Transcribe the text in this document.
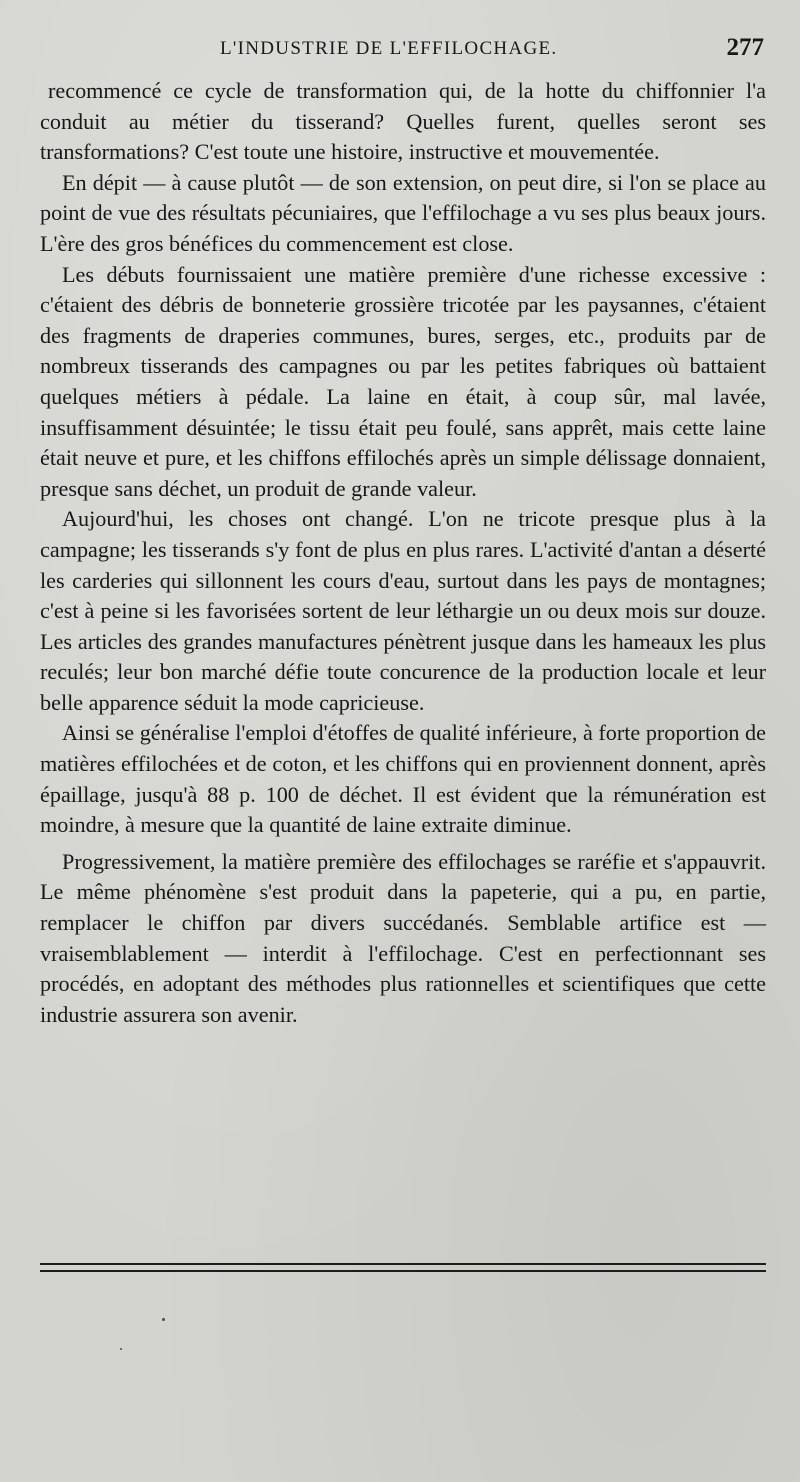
L'INDUSTRIE DE L'EFFILOCHAGE.	277

recommencé ce cycle de transformation qui, de la hotte du chiffonnier l'a conduit au métier du tisserand? Quelles furent, quelles seront ses transformations? C'est toute une histoire, instructive et mouvementée.

En dépit — à cause plutôt — de son extension, on peut dire, si l'on se place au point de vue des résultats pécuniaires, que l'effilochage a vu ses plus beaux jours. L'ère des gros bénéfices du commencement est close.

Les débuts fournissaient une matière première d'une richesse excessive : c'étaient des débris de bonneterie grossière tricotée par les paysannes, c'étaient des fragments de draperies communes, bures, serges, etc., produits par de nombreux tisserands des campagnes ou par les petites fabriques où battaient quelques métiers à pédale. La laine en était, à coup sûr, mal lavée, insuffisamment désuintée; le tissu était peu foulé, sans apprêt, mais cette laine était neuve et pure, et les chiffons effilochés après un simple délissage donnaient, presque sans déchet, un produit de grande valeur.

Aujourd'hui, les choses ont changé. L'on ne tricote presque plus à la campagne; les tisserands s'y font de plus en plus rares. L'activité d'antan a déserté les carderies qui sillonnent les cours d'eau, surtout dans les pays de montagnes; c'est à peine si les favorisées sortent de leur léthargie un ou deux mois sur douze. Les articles des grandes manufactures pénètrent jusque dans les hameaux les plus reculés; leur bon marché défie toute concurence de la production locale et leur belle apparence séduit la mode capricieuse.

Ainsi se généralise l'emploi d'étoffes de qualité inférieure, à forte proportion de matières effilochées et de coton, et les chiffons qui en proviennent donnent, après épaillage, jusqu'à 88 p. 100 de déchet. Il est évident que la rémunération est moindre, à mesure que la quantité de laine extraite diminue.

Progressivement, la matière première des effilochages se raréfie et s'appauvrit. Le même phénomène s'est produit dans la papeterie, qui a pu, en partie, remplacer le chiffon par divers succédanés. Semblable artifice est — vraisemblablement — interdit à l'effilochage. C'est en perfectionnant ses procédés, en adoptant des méthodes plus rationnelles et scientifiques que cette industrie assurera son avenir.
